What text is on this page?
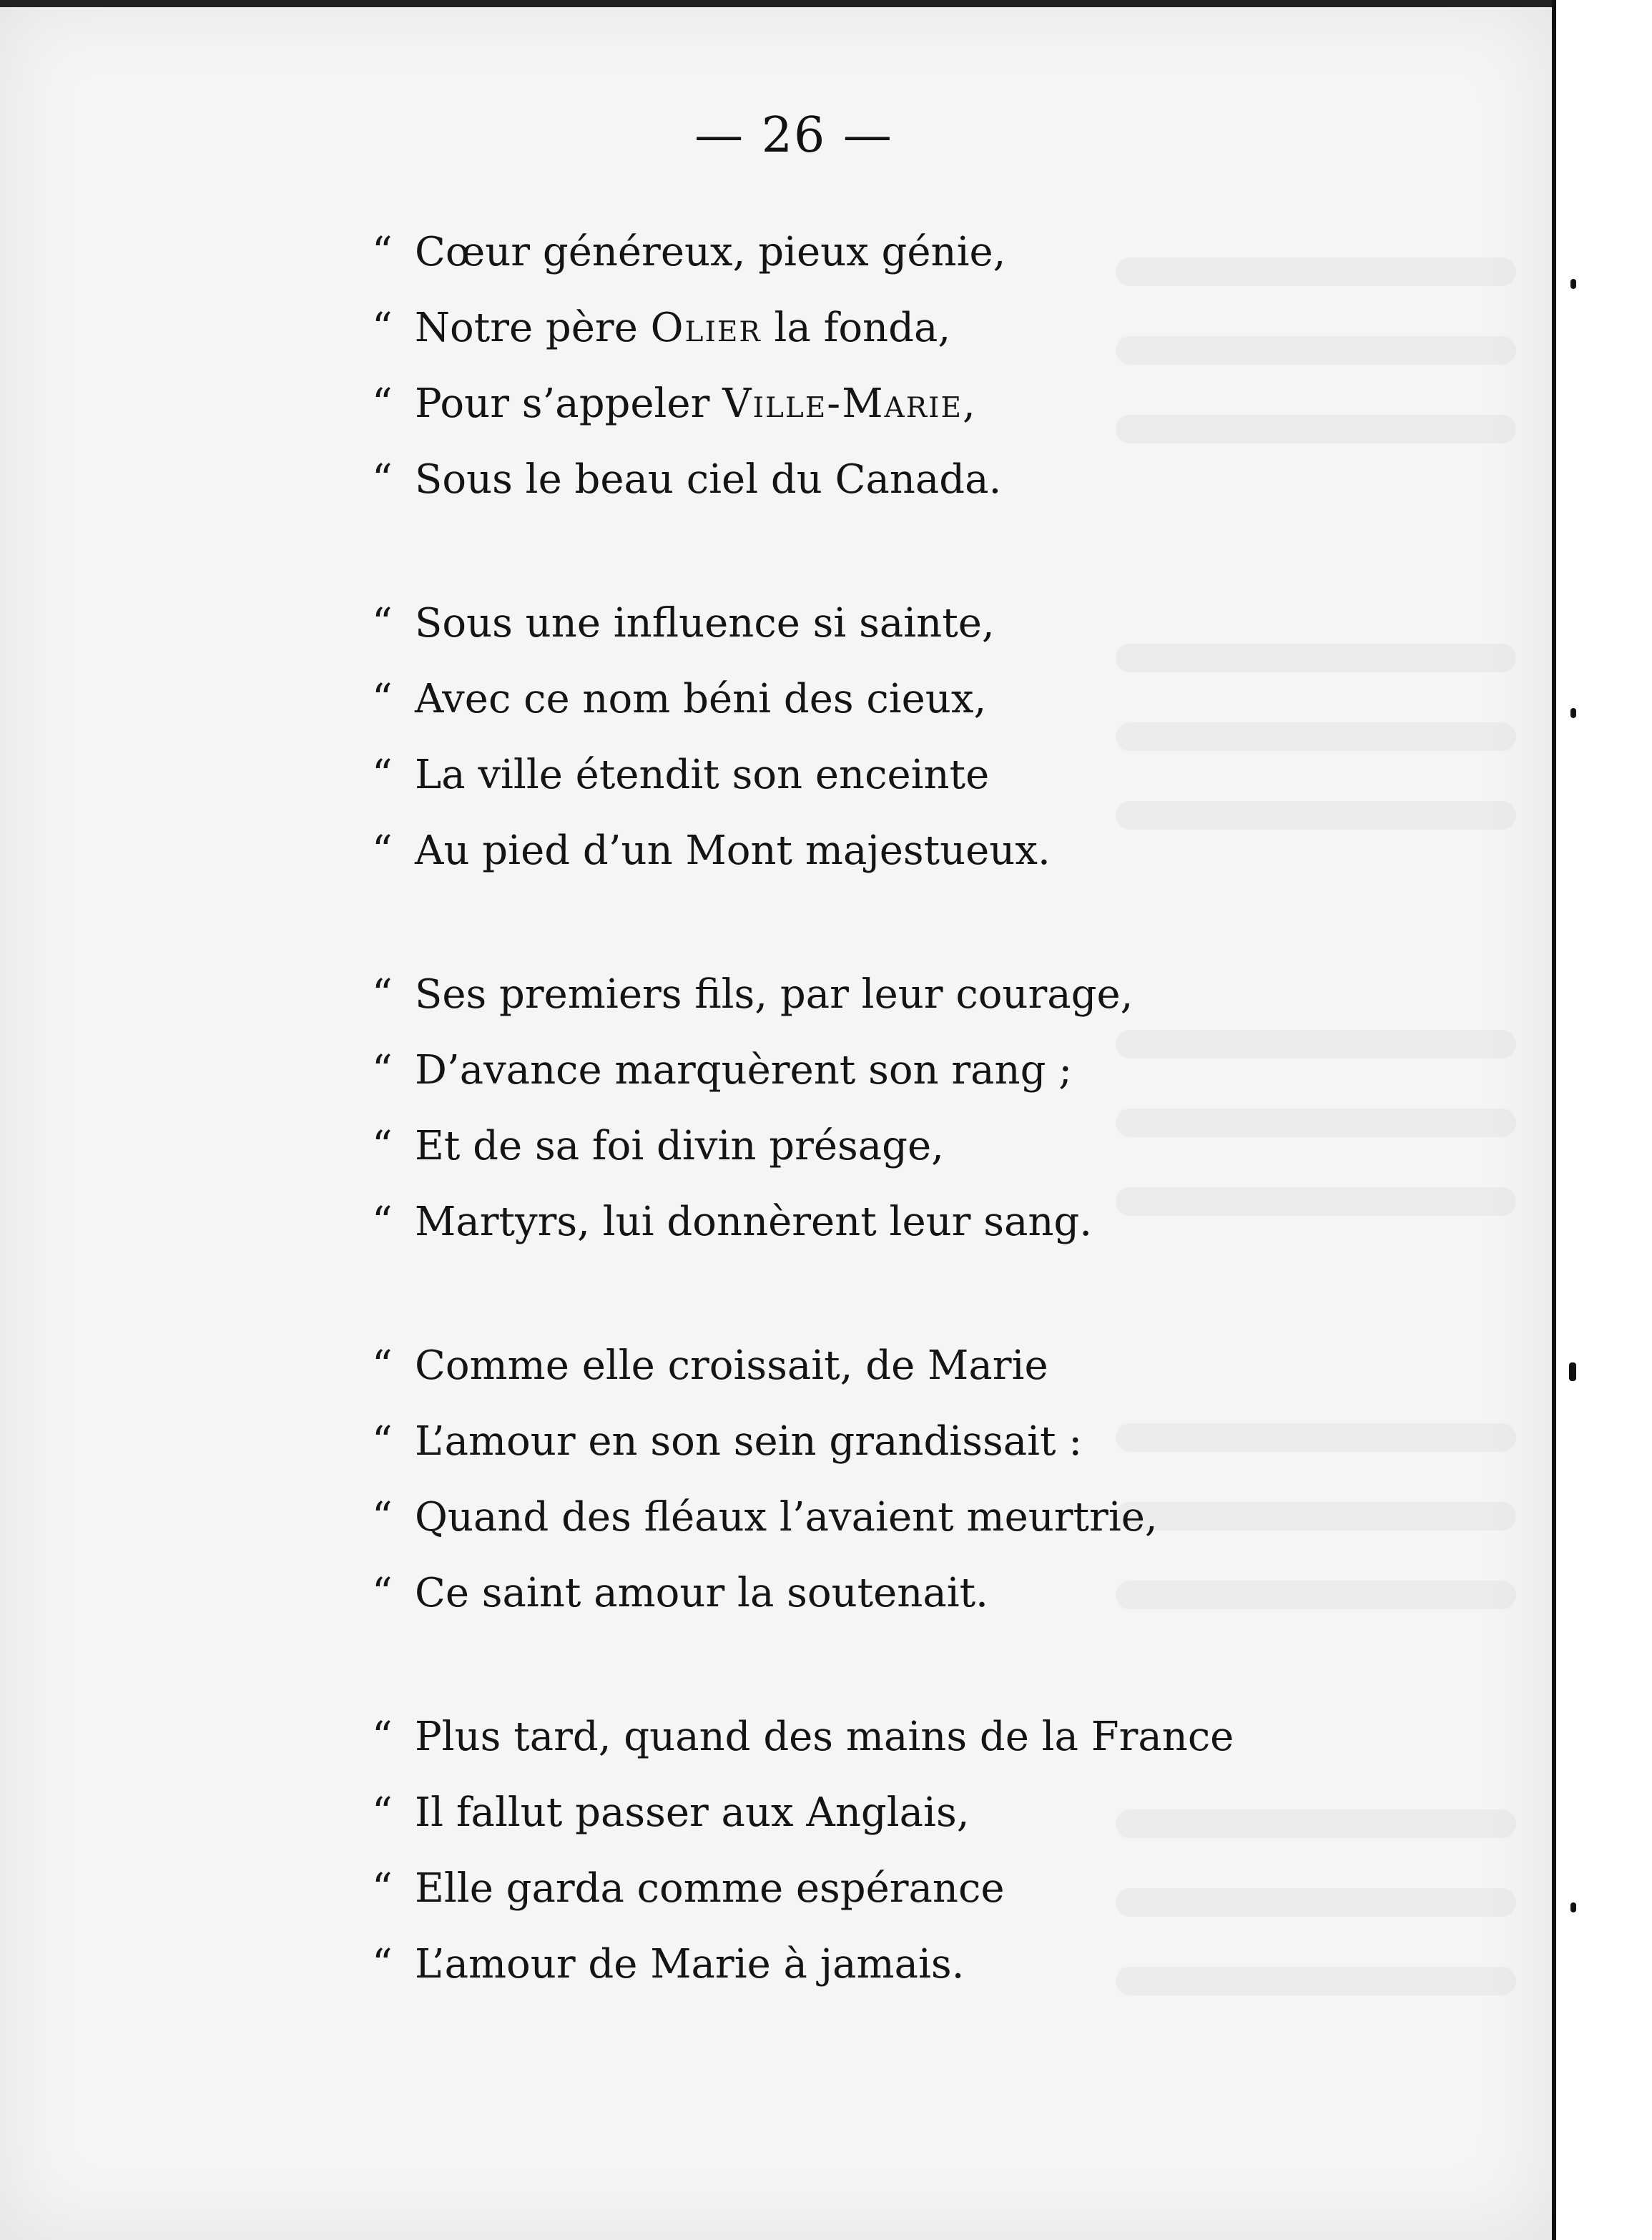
— 26 —
“ Cœur généreux, pieux génie,
“ Notre père Olier la fonda,
“ Pour s’appeler Ville-Marie,
“ Sous le beau ciel du Canada.
“ Sous une influence si sainte,
“ Avec ce nom béni des cieux,
“ La ville étendit son enceinte
“ Au pied d’un Mont majestueux.
“ Ses premiers fils, par leur courage,
“ D’avance marquèrent son rang ;
“ Et de sa foi divin présage,
“ Martyrs, lui donnèrent leur sang.
“ Comme elle croissait, de Marie
“ L’amour en son sein grandissait :
“ Quand des fléaux l’avaient meurtrie,
“ Ce saint amour la soutenait.
“ Plus tard, quand des mains de la France
“ Il fallut passer aux Anglais,
“ Elle garda comme espérance
“ L’amour de Marie à jamais.
